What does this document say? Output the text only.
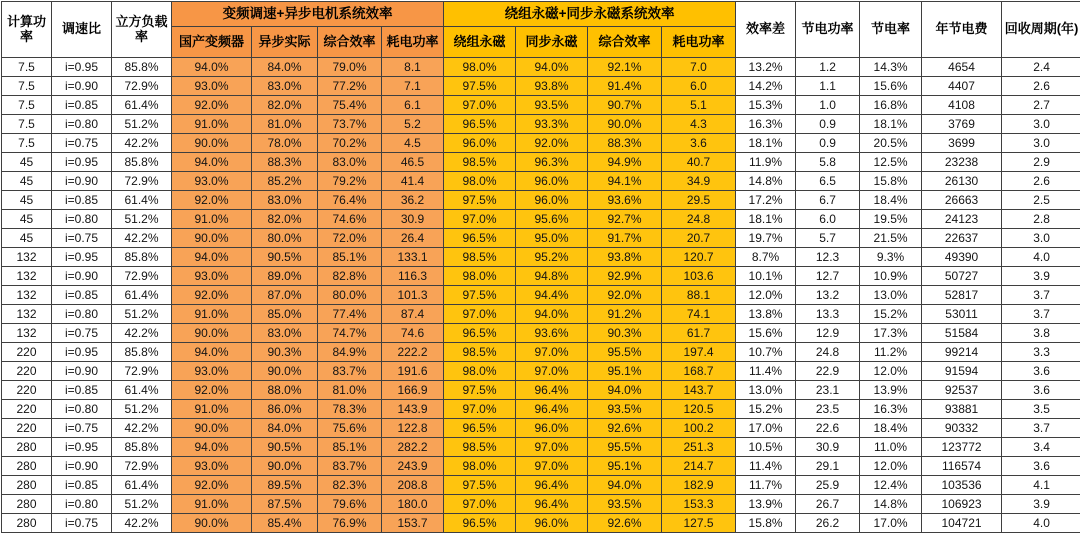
计算功率	调速比	立方负载率	变频调速+异步电机系统效率				绕组永磁+同步永磁系统效率				效率差	节电功率	节电率	年节电费	回收周期(年)
			国产变频器	异步实际	综合效率	耗电功率	绕组永磁	同步永磁	综合效率	耗电功率					
7.5	i=0.95	85.8%	94.0%	84.0%	79.0%	8.1	98.0%	94.0%	92.1%	7.0	13.2%	1.2	14.3%	4654	2.4
7.5	i=0.90	72.9%	93.0%	83.0%	77.2%	7.1	97.5%	93.8%	91.4%	6.0	14.2%	1.1	15.6%	4407	2.6
7.5	i=0.85	61.4%	92.0%	82.0%	75.4%	6.1	97.0%	93.5%	90.7%	5.1	15.3%	1.0	16.8%	4108	2.7
7.5	i=0.80	51.2%	91.0%	81.0%	73.7%	5.2	96.5%	93.3%	90.0%	4.3	16.3%	0.9	18.1%	3769	3.0
7.5	i=0.75	42.2%	90.0%	78.0%	70.2%	4.5	96.0%	92.0%	88.3%	3.6	18.1%	0.9	20.5%	3699	3.0
45	i=0.95	85.8%	94.0%	88.3%	83.0%	46.5	98.5%	96.3%	94.9%	40.7	11.9%	5.8	12.5%	23238	2.9
45	i=0.90	72.9%	93.0%	85.2%	79.2%	41.4	98.0%	96.0%	94.1%	34.9	14.8%	6.5	15.8%	26130	2.6
45	i=0.85	61.4%	92.0%	83.0%	76.4%	36.2	97.5%	96.0%	93.6%	29.5	17.2%	6.7	18.4%	26663	2.5
45	i=0.80	51.2%	91.0%	82.0%	74.6%	30.9	97.0%	95.6%	92.7%	24.8	18.1%	6.0	19.5%	24123	2.8
45	i=0.75	42.2%	90.0%	80.0%	72.0%	26.4	96.5%	95.0%	91.7%	20.7	19.7%	5.7	21.5%	22637	3.0
132	i=0.95	85.8%	94.0%	90.5%	85.1%	133.1	98.5%	95.2%	93.8%	120.7	8.7%	12.3	9.3%	49390	4.0
132	i=0.90	72.9%	93.0%	89.0%	82.8%	116.3	98.0%	94.8%	92.9%	103.6	10.1%	12.7	10.9%	50727	3.9
132	i=0.85	61.4%	92.0%	87.0%	80.0%	101.3	97.5%	94.4%	92.0%	88.1	12.0%	13.2	13.0%	52817	3.7
132	i=0.80	51.2%	91.0%	85.0%	77.4%	87.4	97.0%	94.0%	91.2%	74.1	13.8%	13.3	15.2%	53011	3.7
132	i=0.75	42.2%	90.0%	83.0%	74.7%	74.6	96.5%	93.6%	90.3%	61.7	15.6%	12.9	17.3%	51584	3.8
220	i=0.95	85.8%	94.0%	90.3%	84.9%	222.2	98.5%	97.0%	95.5%	197.4	10.7%	24.8	11.2%	99214	3.3
220	i=0.90	72.9%	93.0%	90.0%	83.7%	191.6	98.0%	97.0%	95.1%	168.7	11.4%	22.9	12.0%	91594	3.6
220	i=0.85	61.4%	92.0%	88.0%	81.0%	166.9	97.5%	96.4%	94.0%	143.7	13.0%	23.1	13.9%	92537	3.6
220	i=0.80	51.2%	91.0%	86.0%	78.3%	143.9	97.0%	96.4%	93.5%	120.5	15.2%	23.5	16.3%	93881	3.5
220	i=0.75	42.2%	90.0%	84.0%	75.6%	122.8	96.5%	96.0%	92.6%	100.2	17.0%	22.6	18.4%	90332	3.7
280	i=0.95	85.8%	94.0%	90.5%	85.1%	282.2	98.5%	97.0%	95.5%	251.3	10.5%	30.9	11.0%	123772	3.4
280	i=0.90	72.9%	93.0%	90.0%	83.7%	243.9	98.0%	97.0%	95.1%	214.7	11.4%	29.1	12.0%	116574	3.6
280	i=0.85	61.4%	92.0%	89.5%	82.3%	208.8	97.5%	96.4%	94.0%	182.9	11.7%	25.9	12.4%	103536	4.1
280	i=0.80	51.2%	91.0%	87.5%	79.6%	180.0	97.0%	96.4%	93.5%	153.3	13.9%	26.7	14.8%	106923	3.9
280	i=0.75	42.2%	90.0%	85.4%	76.9%	153.7	96.5%	96.0%	92.6%	127.5	15.8%	26.2	17.0%	104721	4.0
